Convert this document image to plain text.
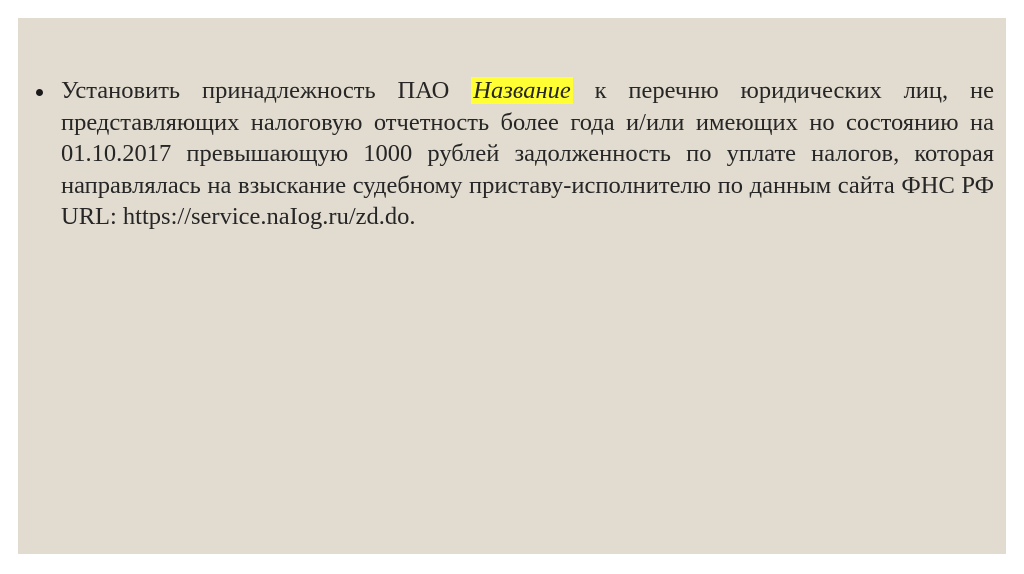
Установить принадлежность ПАО Название к перечню юридических лиц, не представляющих налоговую отчетность более года и/или имеющих но состоянию на 01.10.2017 превышающую 1000 рублей задолженность по уплате налогов, которая направлялась на взыскание судебному приставу-исполнителю по данным сайта ФНС РФ URL: https://service.naIog.ru/zd.do.
